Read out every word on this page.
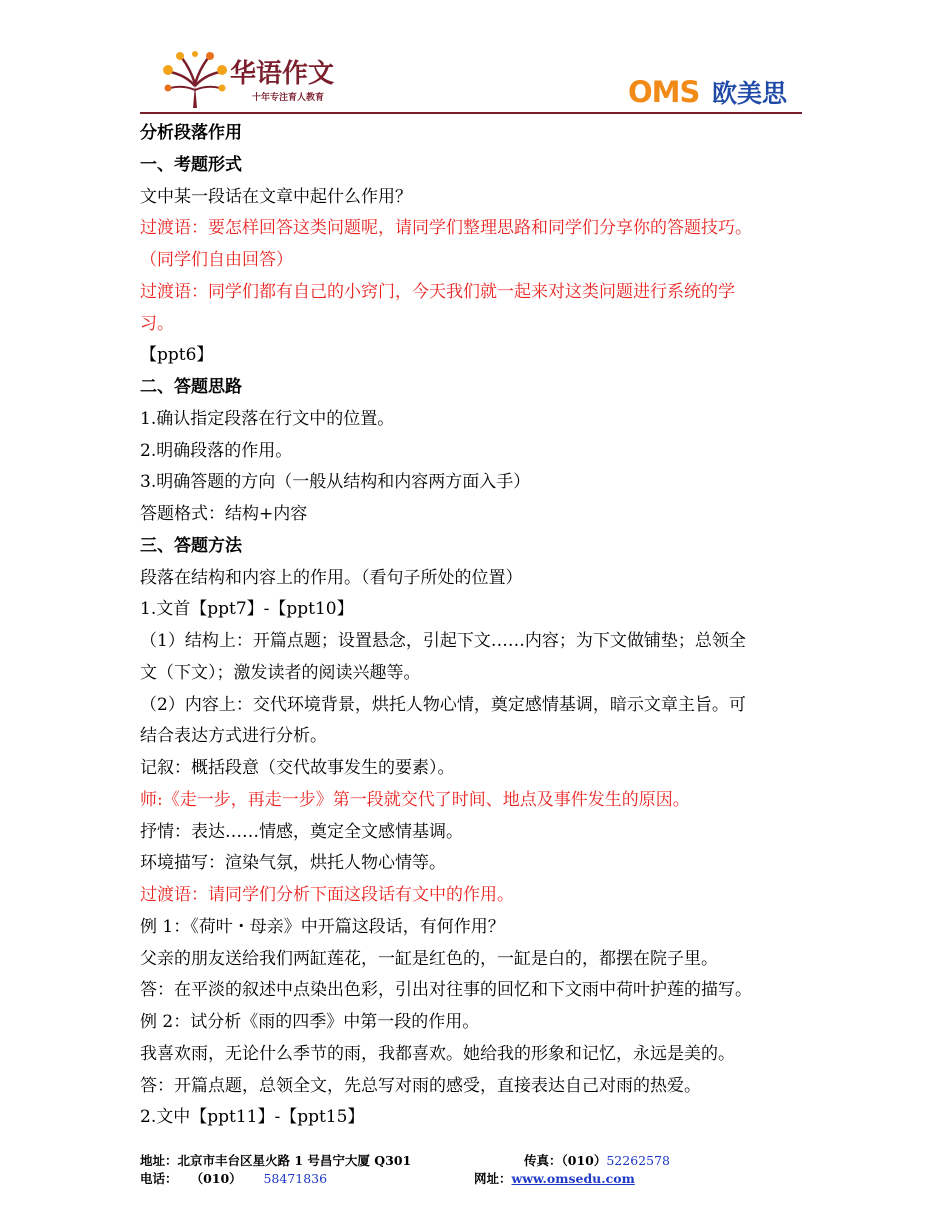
华语作文
十年专注育人教育	OMS 欧美思
分析段落作用
一、考题形式
文中某一段话在文章中起什么作用？
过渡语：要怎样回答这类问题呢，请同学们整理思路和同学们分享你的答题技巧。
（同学们自由回答）
过渡语：同学们都有自己的小窍门，今天我们就一起来对这类问题进行系统的学
习。
【ppt6】
二、答题思路
1.确认指定段落在行文中的位置。
2.明确段落的作用。
3.明确答题的方向（一般从结构和内容两方面入手）
答题格式：结构+内容
三、答题方法
段落在结构和内容上的作用。（看句子所处的位置）
1.文首【ppt7】-【ppt10】
（1）结构上：开篇点题；设置悬念，引起下文……内容；为下文做铺垫；总领全
文（下文）；激发读者的阅读兴趣等。
（2）内容上：交代环境背景，烘托人物心情，奠定感情基调，暗示文章主旨。可
结合表达方式进行分析。
记叙：概括段意（交代故事发生的要素）。
师:《走一步，再走一步》第一段就交代了时间、地点及事件发生的原因。
抒情：表达……情感，奠定全文感情基调。
环境描写：渲染气氛，烘托人物心情等。
过渡语：请同学们分析下面这段话有文中的作用。
例 1：《荷叶・母亲》中开篇这段话，有何作用？
父亲的朋友送给我们两缸莲花，一缸是红色的，一缸是白的，都摆在院子里。
答：在平淡的叙述中点染出色彩，引出对往事的回忆和下文雨中荷叶护莲的描写。
例 2：试分析《雨的四季》中第一段的作用。
我喜欢雨，无论什么季节的雨，我都喜欢。她给我的形象和记忆，永远是美的。
答：开篇点题，总领全文，先总写对雨的感受，直接表达自己对雨的热爱。
2.文中【ppt11】-【ppt15】
地址：北京市丰台区星火路 1 号昌宁大厦 Q301	传真：（010）52262578
电话： （010） 58471836	网址：www.omsedu.com
